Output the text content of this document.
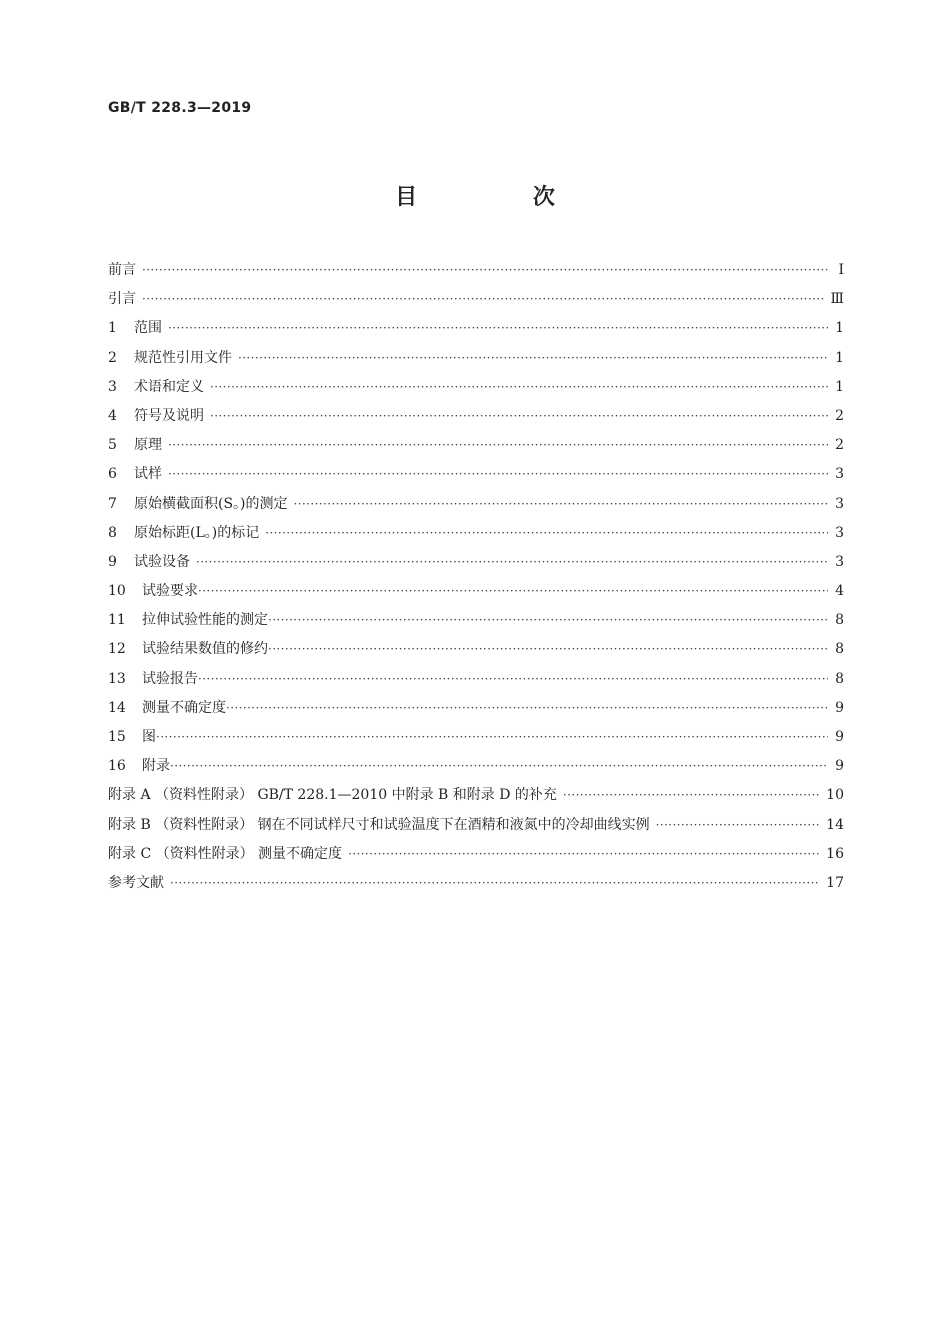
GB/T 228.3—2019
目 次
前言 ·····	Ⅰ
引言 ·····	Ⅲ
1	范围 ·····	1
2	规范性引用文件 ·····	1
3	术语和定义 ·····	1
4	符号及说明 ·····	2
5	原理 ·····	2
6	试样 ·····	3
7	原始横截面积(S。)的测定 ·····	3
8	原始标距(L。)的标记 ·····	3
9	试验设备 ·····	3
10	试验要求 ·····	4
11	拉伸试验性能的测定 ·····	8
12	试验结果数值的修约 ·····	8
13	试验报告 ·····	8
14	测量不确定度 ·····	9
15	图 ·····	9
16	附录 ·····	9
附录 A （资料性附录） GB/T 228.1—2010 中附录 B 和附录 D 的补充 ·····	10
附录 B （资料性附录） 钢在不同试样尺寸和试验温度下在酒精和液氮中的冷却曲线实例 ·····	14
附录 C （资料性附录） 测量不确定度 ·····	16
参考文献 ·····	17
